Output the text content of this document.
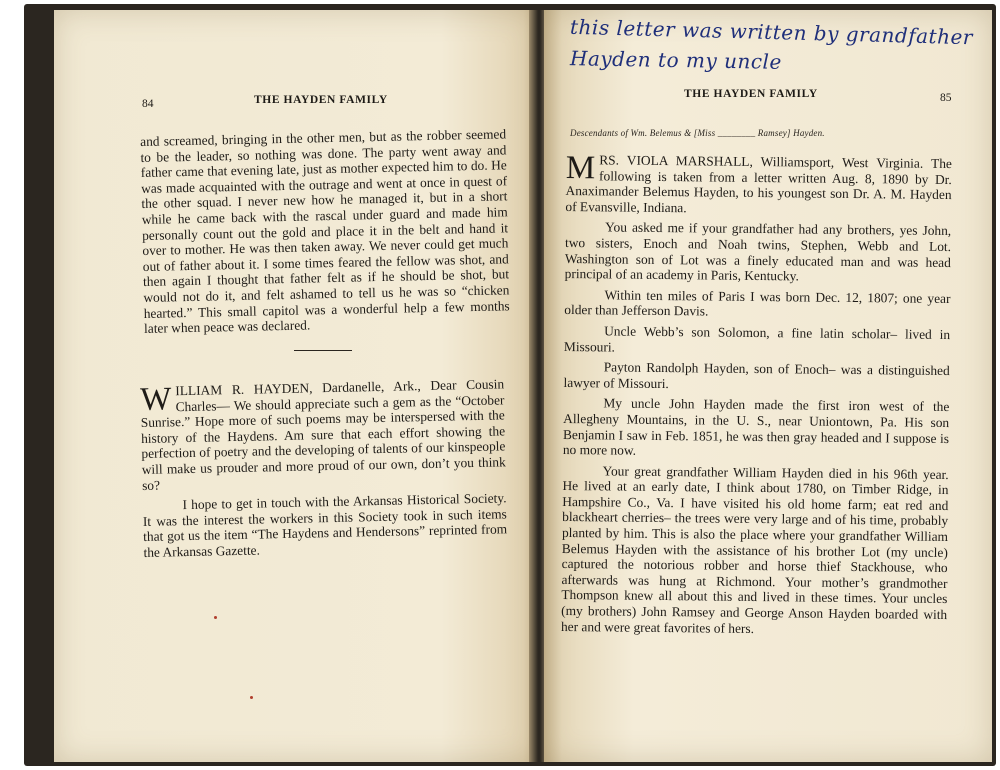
84	THE HAYDEN FAMILY

and screamed, bringing in the other men, but as the robber seemed to be the leader, so nothing was done. The party went away and father came that evening late, just as mother expected him to do. He was made acquainted with the outrage and went at once in quest of the other squad. I never new how he managed it, but in a short while he came back with the rascal under guard and made him personally count out the gold and place it in the belt and hand it over to mother. He was then taken away. We never could get much out of father about it. I some times feared the fellow was shot, and then again I thought that father felt as if he should be shot, but would not do it, and felt ashamed to tell us he was so “chicken hearted.” This small capitol was a wonderful help a few months later when peace was declared.

WILLIAM R. HAYDEN, Dardanelle, Ark., Dear Cousin Charles— We should appreciate such a gem as the “October Sunrise.” Hope more of such poems may be interspersed with the history of the Haydens. Am sure that each effort showing the perfection of poetry and the developing of talents of our kinspeople will make us prouder and more proud of our own, don’t you think so?

I hope to get in touch with the Arkansas Historical Society. It was the interest the workers in this Society took in such items that got us the item “The Haydens and Hendersons” reprinted from the Arkansas Gazette.

this letter was written by grandfather
Hayden to my uncle
THE HAYDEN FAMILY	85
Descendants of Wm. Belemus & [Miss ________ Ramsey] Hayden.

MRS. VIOLA MARSHALL, Williamsport, West Virginia. The following is taken from a letter written Aug. 8, 1890 by Dr. Anaximander Belemus Hayden, to his youngest son Dr. A. M. Hayden of Evansville, Indiana.

You asked me if your grandfather had any brothers, yes John, two sisters, Enoch and Noah twins, Stephen, Webb and Lot. Washington son of Lot was a finely educated man and was head principal of an academy in Paris, Kentucky.

Within ten miles of Paris I was born Dec. 12, 1807; one year older than Jefferson Davis.

Uncle Webb’s son Solomon, a fine latin scholar– lived in Missouri.

Payton Randolph Hayden, son of Enoch– was a distinguished lawyer of Missouri.

My uncle John Hayden made the first iron west of the Allegheny Mountains, in the U. S., near Uniontown, Pa. His son Benjamin I saw in Feb. 1851, he was then gray headed and I suppose is no more now.

Your great grandfather William Hayden died in his 96th year. He lived at an early date, I think about 1780, on Timber Ridge, in Hampshire Co., Va. I have visited his old home farm; eat red and blackheart cherries– the trees were very large and of his time, probably planted by him. This is also the place where your grandfather William Belemus Hayden with the assistance of his brother Lot (my uncle) captured the notorious robber and horse thief Stackhouse, who afterwards was hung at Richmond. Your mother’s grandmother Thompson knew all about this and lived in these times. Your uncles (my brothers) John Ramsey and George Anson Hayden boarded with her and were great favorites of hers.
